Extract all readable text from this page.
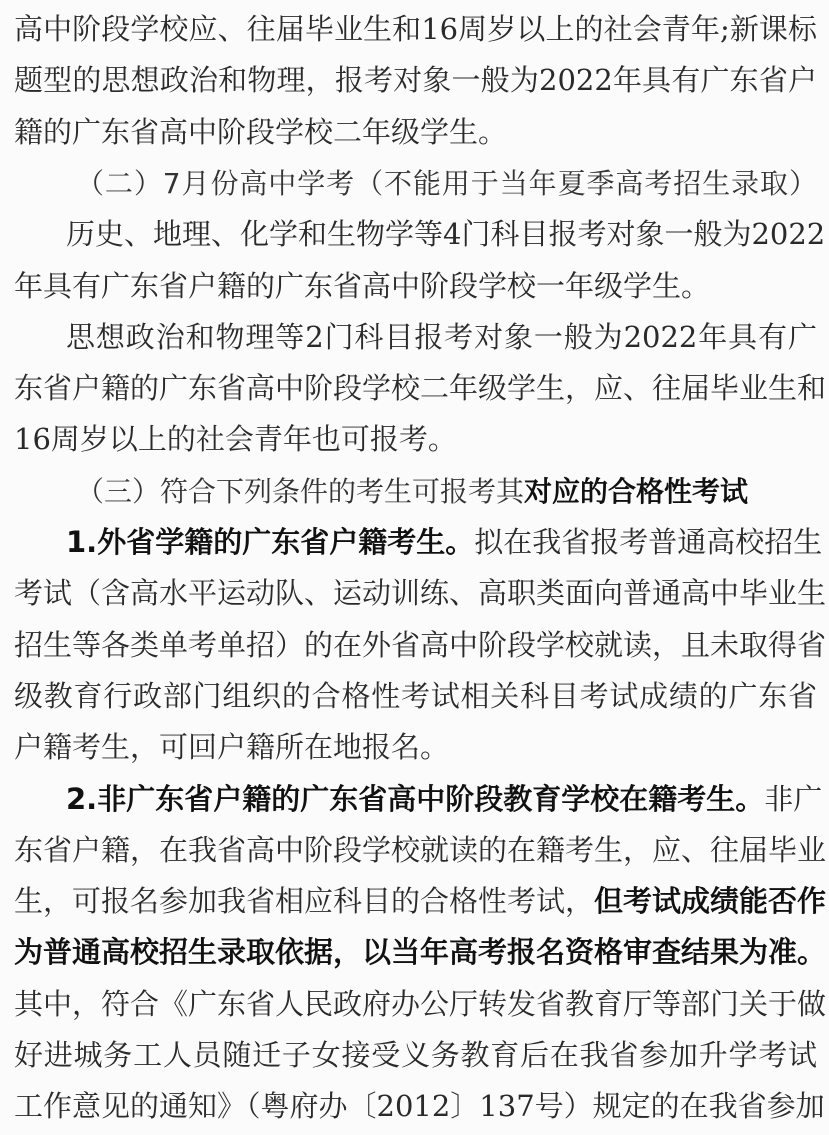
高中阶段学校应、往届毕业生和16周岁以上的社会青年;新课标
题型的思想政治和物理，报考对象一般为2022年具有广东省户
籍的广东省高中阶段学校二年级学生。
（二）7月份高中学考（不能用于当年夏季高考招生录取）
历史、地理、化学和生物学等4门科目报考对象一般为2022
年具有广东省户籍的广东省高中阶段学校一年级学生。
思想政治和物理等2门科目报考对象一般为2022年具有广
东省户籍的广东省高中阶段学校二年级学生，应、往届毕业生和
16周岁以上的社会青年也可报考。
（三）符合下列条件的考生可报考其对应的合格性考试
1.外省学籍的广东省户籍考生。拟在我省报考普通高校招生
考试（含高水平运动队、运动训练、高职类面向普通高中毕业生
招生等各类单考单招）的在外省高中阶段学校就读，且未取得省
级教育行政部门组织的合格性考试相关科目考试成绩的广东省
户籍考生，可回户籍所在地报名。
2.非广东省户籍的广东省高中阶段教育学校在籍考生。非广
东省户籍，在我省高中阶段学校就读的在籍考生，应、往届毕业
生，可报名参加我省相应科目的合格性考试，但考试成绩能否作
为普通高校招生录取依据，以当年高考报名资格审查结果为准。
其中，符合《广东省人民政府办公厅转发省教育厅等部门关于做
好进城务工人员随迁子女接受义务教育后在我省参加升学考试
工作意见的通知》（粤府办〔2012〕137号）规定的在我省参加
